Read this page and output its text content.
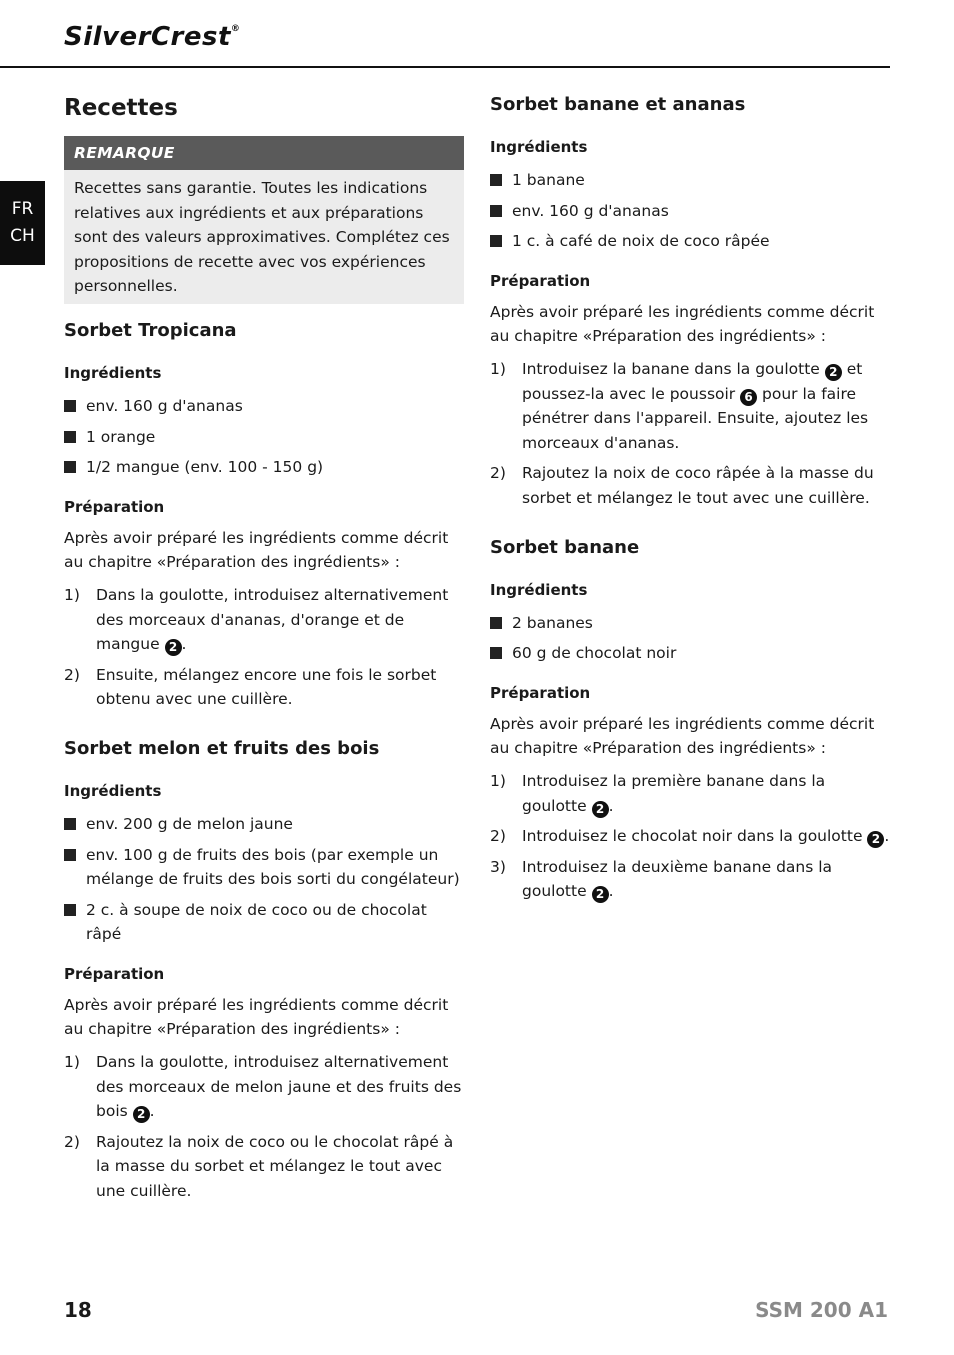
SilverCrest®
FR
CH
Recettes
REMARQUE

Recettes sans garantie. Toutes les indications relatives aux ingrédients et aux préparations sont des valeurs approximatives. Complétez ces propositions de recette avec vos expériences personnelles.

Sorbet Tropicana
Ingrédients
env. 160 g d'ananas
1 orange
1/2 mangue (env. 100 - 150 g)
Préparation

Après avoir préparé les ingrédients comme décrit au chapitre «Préparation des ingrédients» :

1) Dans la goulotte, introduisez alternativement des morceaux d'ananas, d'orange et de mangue 2 .
2) Ensuite, mélangez encore une fois le sorbet obtenu avec une cuillère.
Sorbet melon et fruits des bois
Ingrédients
env. 200 g de melon jaune
env. 100 g de fruits des bois (par exemple un mélange de fruits des bois sorti du congélateur)
2 c. à soupe de noix de coco ou de chocolat râpé
Préparation

Après avoir préparé les ingrédients comme décrit au chapitre «Préparation des ingrédients» :

1) Dans la goulotte, introduisez alternativement des morceaux de melon jaune et des fruits des bois 2 .
2) Rajoutez la noix de coco ou le chocolat râpé à la masse du sorbet et mélangez le tout avec une cuillère.
Sorbet banane et ananas
Ingrédients
1 banane
env. 160 g d'ananas
1 c. à café de noix de coco râpée
Préparation

Après avoir préparé les ingrédients comme décrit au chapitre «Préparation des ingrédients» :

1) Introduisez la banane dans la goulotte 2 et poussez-la avec le poussoir 6 pour la faire pénétrer dans l'appareil. Ensuite, ajoutez les morceaux d'ananas.
2) Rajoutez la noix de coco râpée à la masse du sorbet et mélangez le tout avec une cuillère.
Sorbet banane
Ingrédients
2 bananes
60 g de chocolat noir
Préparation

Après avoir préparé les ingrédients comme décrit au chapitre «Préparation des ingrédients» :

1) Introduisez la première banane dans la goulotte 2 .
2) Introduisez le chocolat noir dans la goulotte 2 .
3) Introduisez la deuxième banane dans la goulotte 2 .
18	SSM 200 A1
